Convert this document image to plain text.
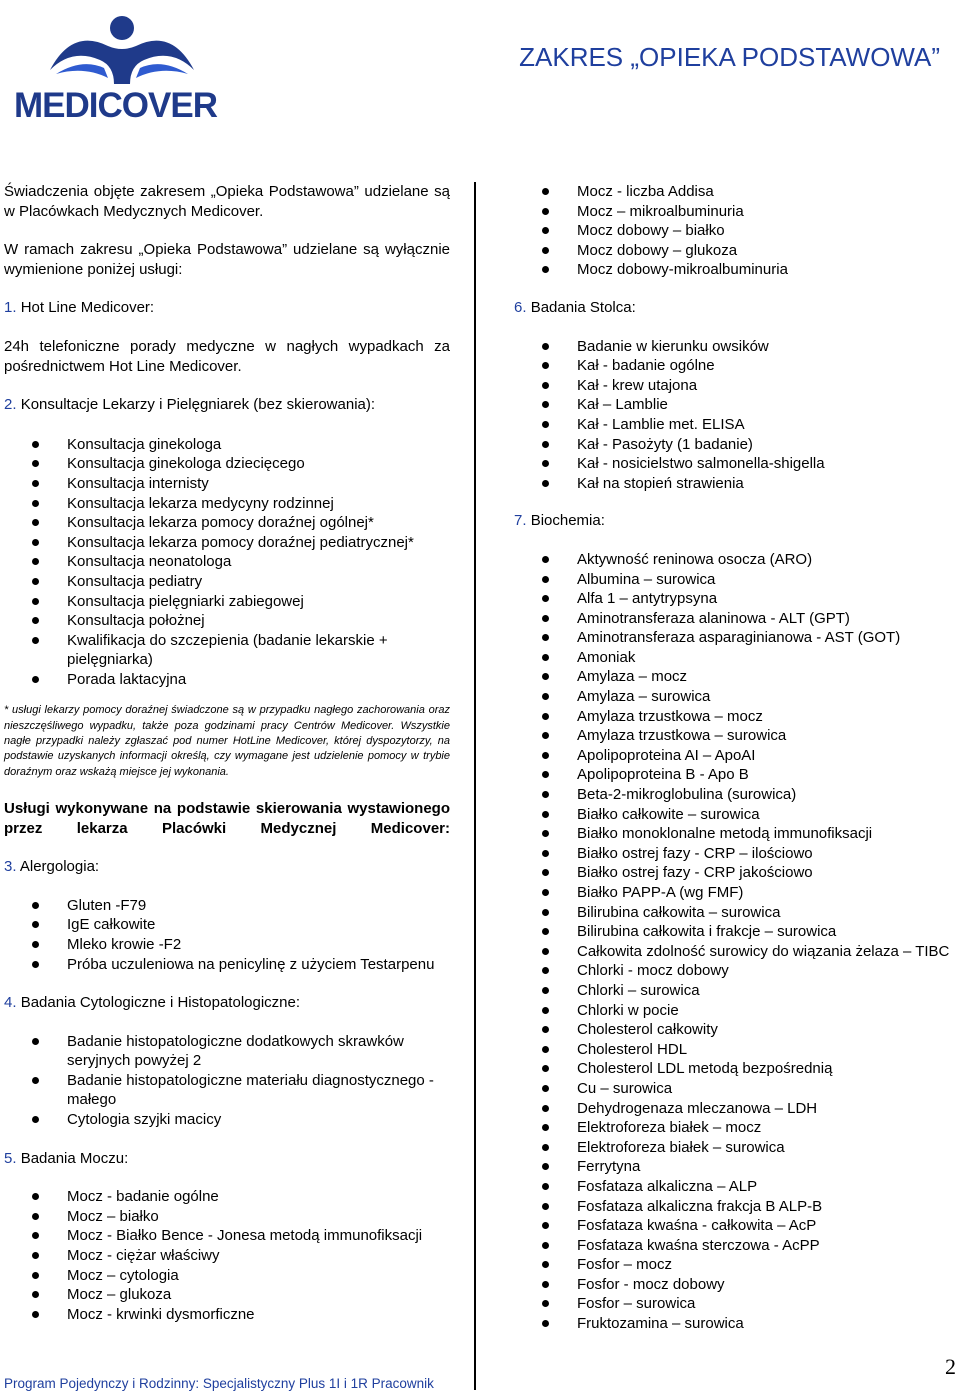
MEDICOVER
ZAKRES „OPIEKA PODSTAWOWA”

Świadczenia objęte zakresem „Opieka Podstawowa” udzielane są w Placówkach Medycznych Medicover.

W ramach zakresu „Opieka Podstawowa” udzielane są wyłącznie wymienione poniżej usługi:

1. Hot Line Medicover:

24h telefoniczne porady medyczne w nagłych wypadkach za pośrednictwem Hot Line Medicover.

2. Konsultacje Lekarzy i Pielęgniarek (bez skierowania):

Konsultacja ginekologa
Konsultacja ginekologa dziecięcego
Konsultacja internisty
Konsultacja lekarza medycyny rodzinnej
Konsultacja lekarza pomocy doraźnej ogólnej*
Konsultacja lekarza pomocy doraźnej pediatrycznej*
Konsultacja neonatologa
Konsultacja pediatry
Konsultacja pielęgniarki zabiegowej
Konsultacja położnej
Kwalifikacja do szczepienia (badanie lekarskie + pielęgniarka)
Porada laktacyjna

* usługi lekarzy pomocy doraźnej świadczone są w przypadku nagłego zachorowania oraz nieszczęśliwego wypadku, także poza godzinami pracy Centrów Medicover. Wszystkie nagłe przypadki należy zgłaszać pod numer HotLine Medicover, której dyspozytorzy, na podstawie uzyskanych informacji określą, czy wymagane jest udzielenie pomocy w trybie doraźnym oraz wskażą miejsce jej wykonania.

Usługi wykonywane na podstawie skierowania wystawionego przez lekarza Placówki Medycznej Medicover:

3. Alergologia:

Gluten -F79
IgE całkowite
Mleko krowie -F2
Próba uczuleniowa na penicylinę z użyciem Testarpenu

4. Badania Cytologiczne i Histopatologiczne:

Badanie histopatologiczne dodatkowych skrawków seryjnych powyżej 2
Badanie histopatologiczne materiału diagnostycznego - małego
Cytologia szyjki macicy

5. Badania Moczu:

Mocz - badanie ogólne
Mocz – białko
Mocz - Białko Bence - Jonesa metodą immunofiksacji
Mocz - ciężar właściwy
Mocz – cytologia
Mocz – glukoza
Mocz - krwinki dysmorficzne
Mocz - liczba Addisa
Mocz – mikroalbuminuria
Mocz dobowy – białko
Mocz dobowy – glukoza
Mocz dobowy-mikroalbuminuria

6. Badania Stolca:

Badanie w kierunku owsików
Kał - badanie ogólne
Kał - krew utajona
Kał – Lamblie
Kał - Lamblie met. ELISA
Kał - Pasożyty (1 badanie)
Kał - nosicielstwo salmonella-shigella
Kał na stopień strawienia

7. Biochemia:

Aktywność reninowa osocza (ARO)
Albumina – surowica
Alfa 1 – antytrypsyna
Aminotransferaza alaninowa - ALT (GPT)
Aminotransferaza asparaginianowa - AST (GOT)
Amoniak
Amylaza – mocz
Amylaza – surowica
Amylaza trzustkowa – mocz
Amylaza trzustkowa – surowica
Apolipoproteina AI – ApoAI
Apolipoproteina B - Apo B
Beta-2-mikroglobulina (surowica)
Białko całkowite – surowica
Białko monoklonalne metodą immunofiksacji
Białko ostrej fazy - CRP – ilościowo
Białko ostrej fazy - CRP jakościowo
Białko PAPP-A (wg FMF)
Bilirubina całkowita – surowica
Bilirubina całkowita i frakcje – surowica
Całkowita zdolność surowicy do wiązania żelaza – TIBC
Chlorki - mocz dobowy
Chlorki – surowica
Chlorki w pocie
Cholesterol całkowity
Cholesterol HDL
Cholesterol LDL metodą bezpośrednią
Cu – surowica
Dehydrogenaza mleczanowa – LDH
Elektroforeza białek – mocz
Elektroforeza białek – surowica
Ferrytyna
Fosfataza alkaliczna – ALP
Fosfataza alkaliczna frakcja B ALP-B
Fosfataza kwaśna - całkowita – AcP
Fosfataza kwaśna sterczowa - AcPP
Fosfor – mocz
Fosfor - mocz dobowy
Fosfor – surowica
Fruktozamina – surowica
Program Pojedynczy i Rodzinny: Specjalistyczny Plus 1I i 1R Pracownik
2
